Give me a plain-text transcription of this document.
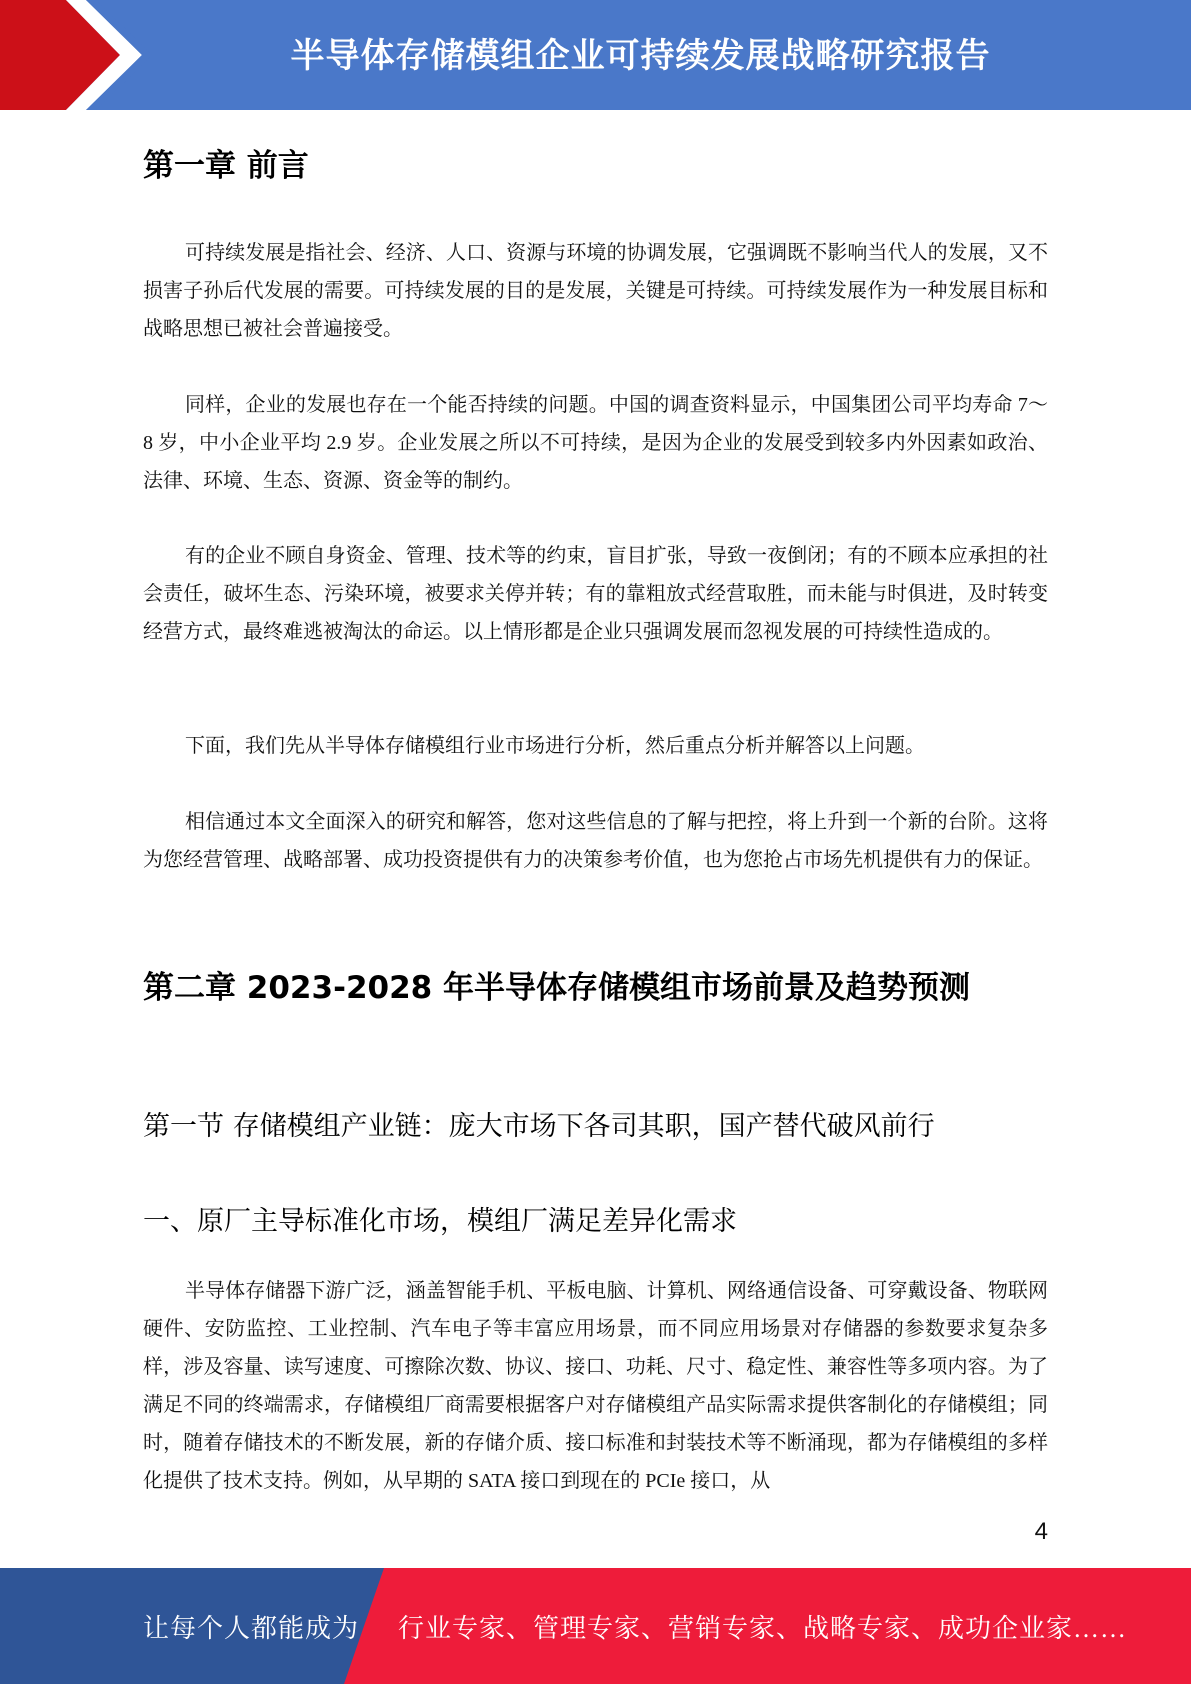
半导体存储模组企业可持续发展战略研究报告
第一章 前言

可持续发展是指社会、经济、人口、资源与环境的协调发展，它强调既不影响当代人的发展，又不损害子孙后代发展的需要。可持续发展的目的是发展，关键是可持续。可持续发展作为一种发展目标和战略思想已被社会普遍接受。

同样，企业的发展也存在一个能否持续的问题。中国的调查资料显示，中国集团公司平均寿命 7～8 岁，中小企业平均 2.9 岁。企业发展之所以不可持续，是因为企业的发展受到较多内外因素如政治、法律、环境、生态、资源、资金等的制约。

有的企业不顾自身资金、管理、技术等的约束，盲目扩张，导致一夜倒闭；有的不顾本应承担的社会责任，破坏生态、污染环境，被要求关停并转；有的靠粗放式经营取胜，而未能与时俱进，及时转变经营方式，最终难逃被淘汰的命运。以上情形都是企业只强调发展而忽视发展的可持续性造成的。

下面，我们先从半导体存储模组行业市场进行分析，然后重点分析并解答以上问题。

相信通过本文全面深入的研究和解答，您对这些信息的了解与把控，将上升到一个新的台阶。这将为您经营管理、战略部署、成功投资提供有力的决策参考价值，也为您抢占市场先机提供有力的保证。

第二章 2023-2028 年半导体存储模组市场前景及趋势预测
第一节 存储模组产业链：庞大市场下各司其职，国产替代破风前行
一、原厂主导标准化市场，模组厂满足差异化需求

半导体存储器下游广泛，涵盖智能手机、平板电脑、计算机、网络通信设备、可穿戴设备、物联网硬件、安防监控、工业控制、汽车电子等丰富应用场景，而不同应用场景对存储器的参数要求复杂多样，涉及容量、读写速度、可擦除次数、协议、接口、功耗、尺寸、稳定性、兼容性等多项内容。为了满足不同的终端需求，存储模组厂商需要根据客户对存储模组产品实际需求提供客制化的存储模组；同时，随着存储技术的不断发展，新的存储介质、接口标准和封装技术等不断涌现，都为存储模组的多样化提供了技术支持。例如，从早期的 SATA 接口到现在的 PCIe 接口，从

4
让每个人都能成为 行业专家、管理专家、营销专家、战略专家、成功企业家……
